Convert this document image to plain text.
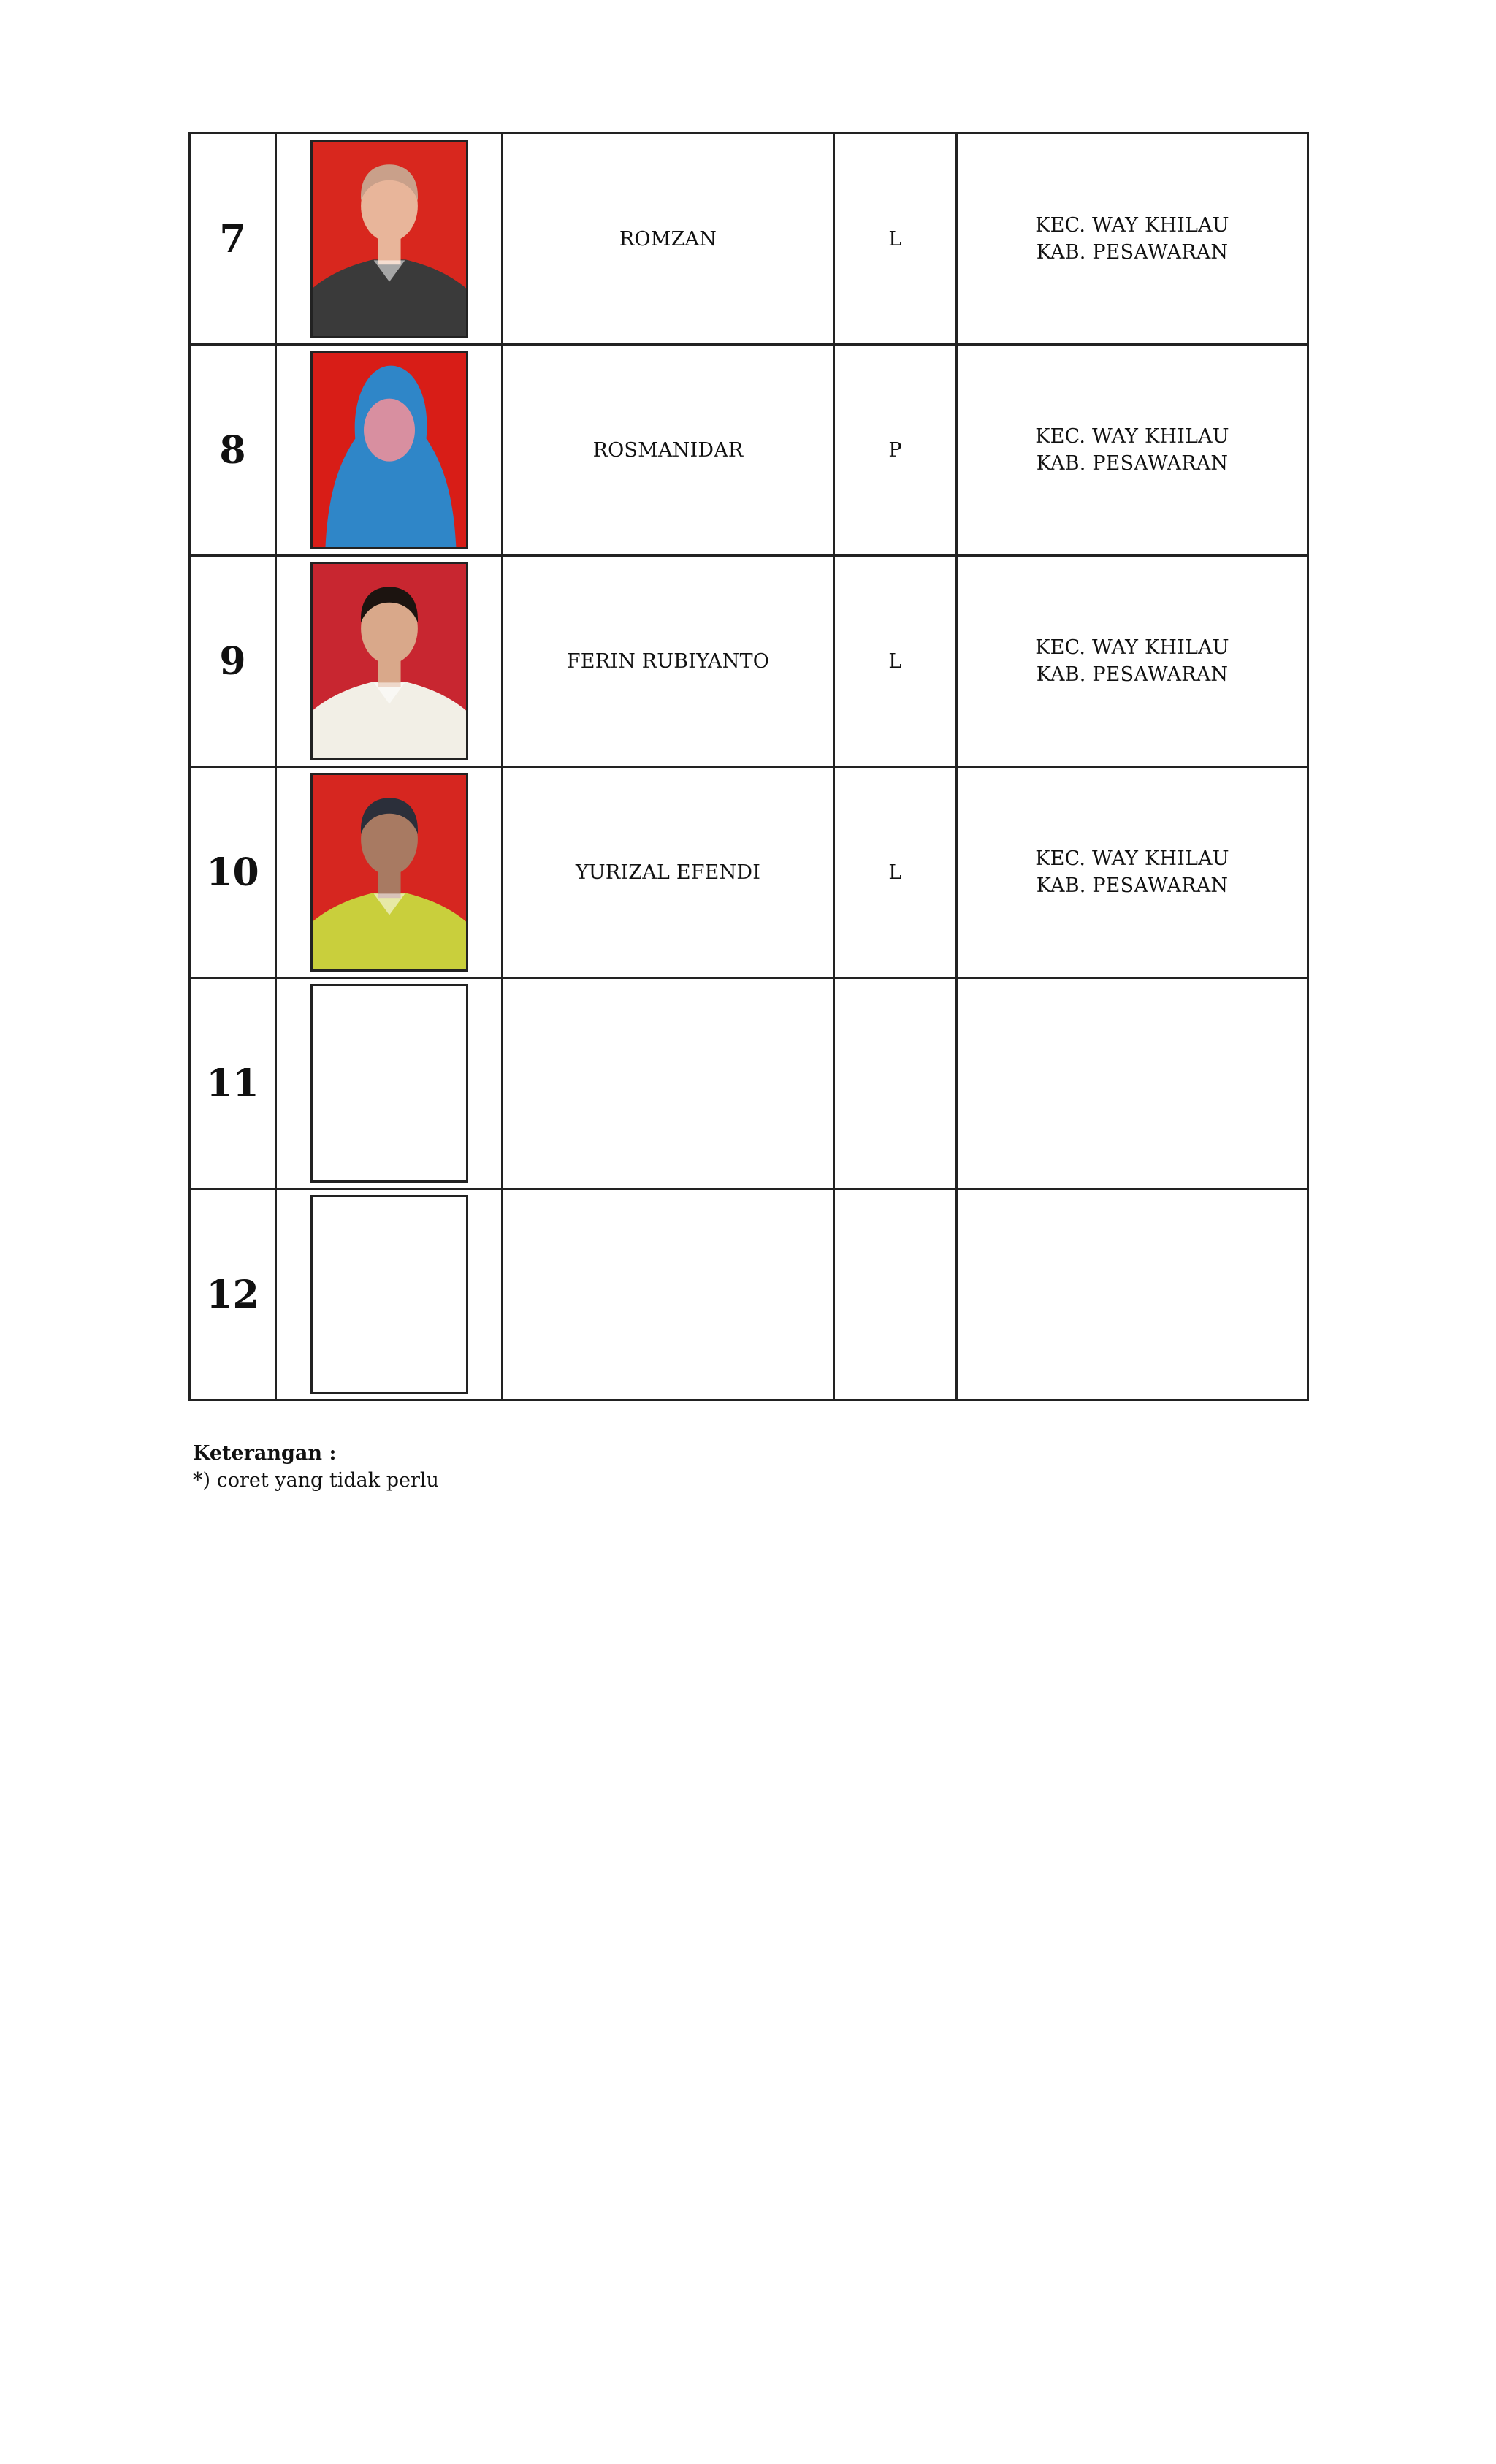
7		ROMZAN	L	KEC. WAY KHILAU
KAB. PESAWARAN

8		ROSMANIDAR	P	KEC. WAY KHILAU
KAB. PESAWARAN

9		FERIN RUBIYANTO	L	KEC. WAY KHILAU
KAB. PESAWARAN

10		YURIZAL EFENDI	L	KEC. WAY KHILAU
KAB. PESAWARAN

11	

12	

Keterangan :
*) coret yang tidak perlu
